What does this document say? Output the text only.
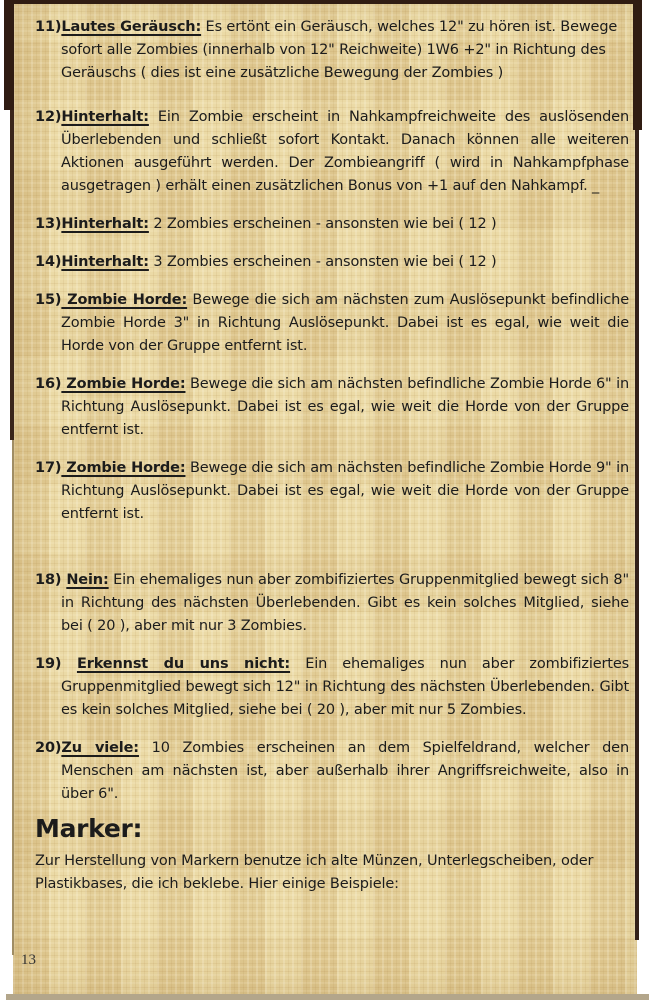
11)Lautes Geräusch: Es ertönt ein Geräusch, welches 12" zu hören ist. Bewege sofort alle Zombies (innerhalb von 12" Reichweite) 1W6 +2" in Richtung des Geräuschs ( dies ist eine zusätzliche Bewegung der Zombies )
12)Hinterhalt: Ein Zombie erscheint in Nahkampfreichweite des auslösenden Überlebenden und schließt sofort Kontakt. Danach können alle weiteren Aktionen ausgeführt werden. Der Zombieangriff ( wird in Nahkampfphase ausgetragen ) erhält einen zusätzlichen Bonus von +1 auf den Nahkampf. _
13)Hinterhalt: 2 Zombies erscheinen - ansonsten wie bei ( 12 )
14)Hinterhalt: 3 Zombies erscheinen - ansonsten wie bei ( 12 )
15) Zombie Horde: Bewege die sich am nächsten zum Auslösepunkt befindliche Zombie Horde 3" in Richtung Auslösepunkt. Dabei ist es egal, wie weit die Horde von der Gruppe entfernt ist.
16) Zombie Horde: Bewege die sich am nächsten befindliche Zombie Horde 6" in Richtung Auslösepunkt. Dabei ist es egal, wie weit die Horde von der Gruppe entfernt ist.
17) Zombie Horde: Bewege die sich am nächsten befindliche Zombie Horde 9" in Richtung Auslösepunkt. Dabei ist es egal, wie weit die Horde von der Gruppe entfernt ist.
18) Nein: Ein ehemaliges nun aber zombifiziertes Gruppenmitglied bewegt sich 8" in Richtung des nächsten Überlebenden. Gibt es kein solches Mitglied, siehe bei ( 20 ), aber mit nur 3 Zombies.
19) Erkennst du uns nicht: Ein ehemaliges nun aber zombifiziertes Gruppenmitglied bewegt sich 12" in Richtung des nächsten Überlebenden. Gibt es kein solches Mitglied, siehe bei ( 20 ), aber mit nur 5 Zombies.
20)Zu viele: 10 Zombies erscheinen an dem Spielfeldrand, welcher den Menschen am nächsten ist, aber außerhalb ihrer Angriffsreichweite, also in über 6".
Marker:

Zur Herstellung von Markern benutze ich alte Münzen, Unterlegscheiben, oder Plastikbases, die ich beklebe. Hier einige Beispiele:

13
